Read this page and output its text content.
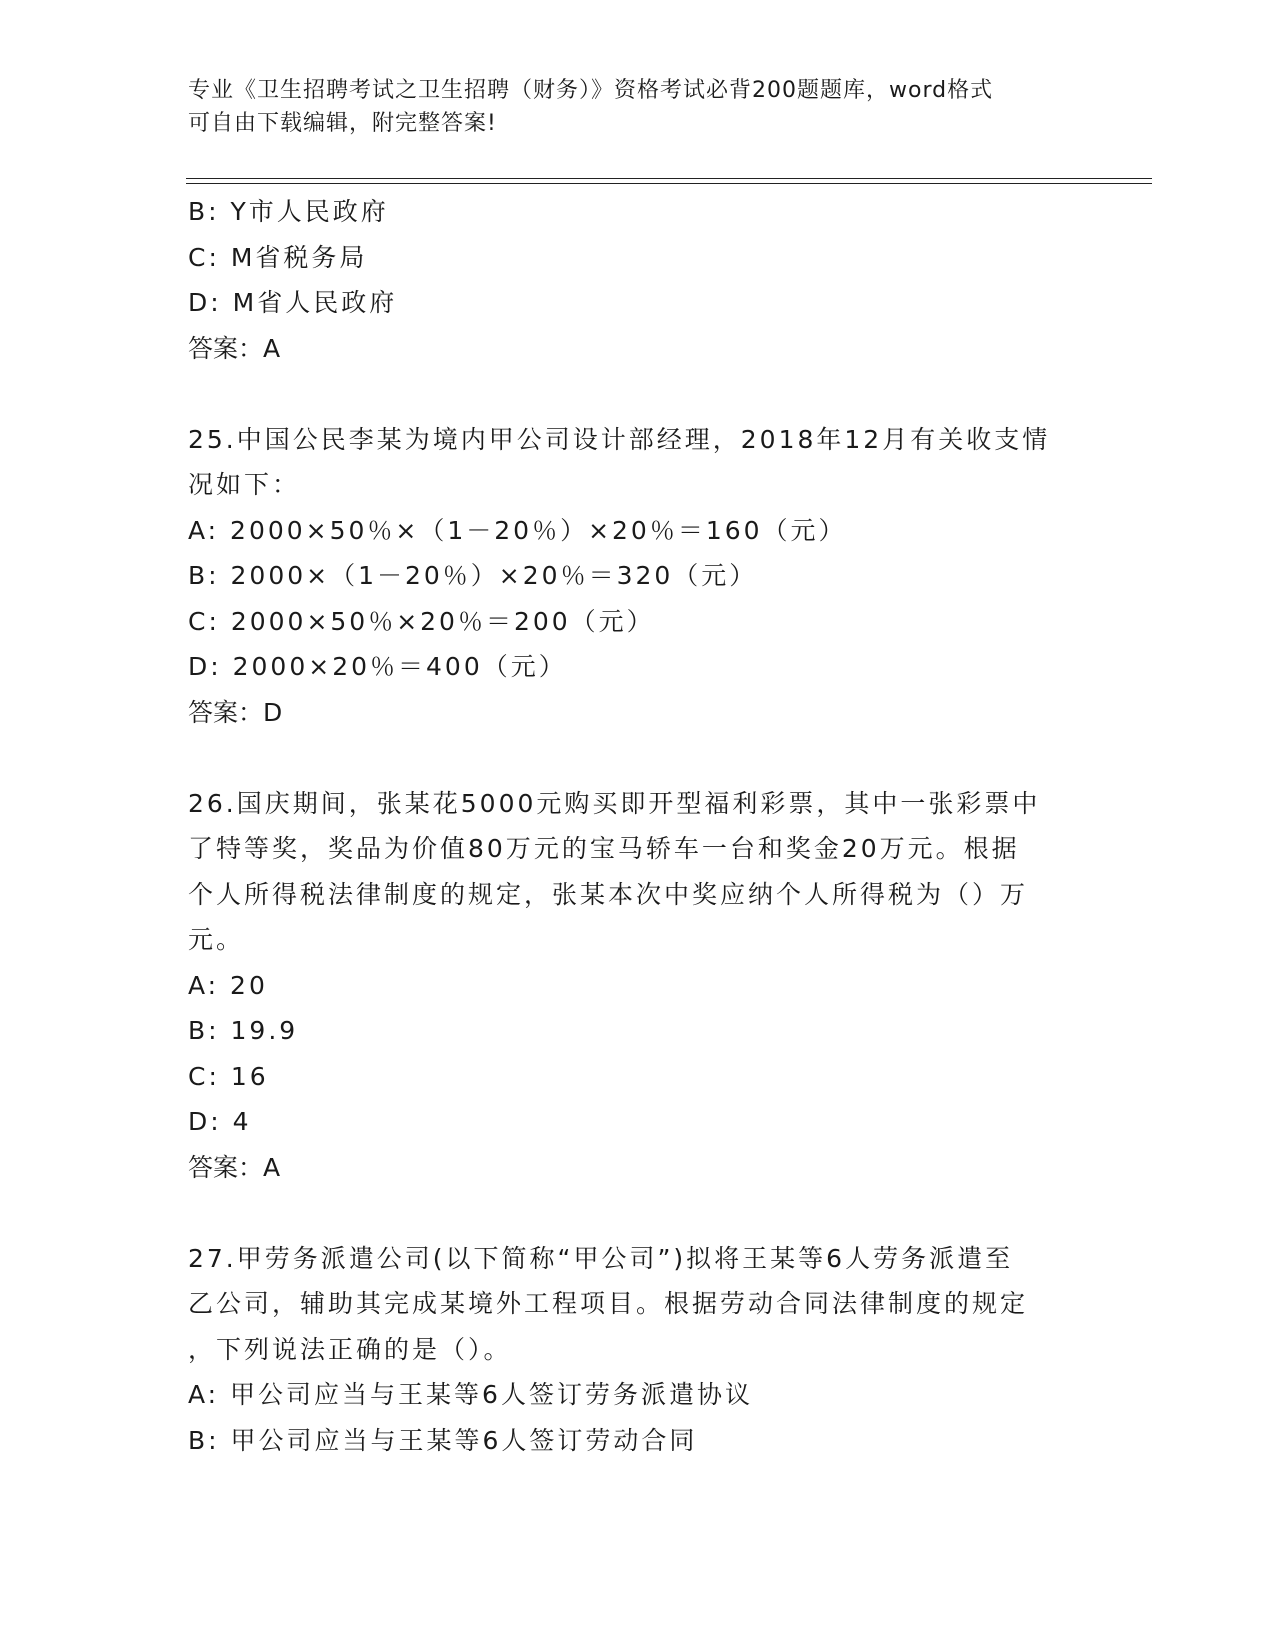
专业《卫生招聘考试之卫生招聘（财务）》资格考试必背200题题库，word格式
可自由下载编辑，附完整答案!
B: Y市人民政府
C: M省税务局
D: M省人民政府
答案：A
25.中国公民李某为境内甲公司设计部经理，2018年12月有关收支情
况如下：
A: 2000×50％×（1－20％）×20％＝160（元）
B: 2000×（1－20％）×20％＝320（元）
C: 2000×50％×20％＝200（元）
D: 2000×20％＝400（元）
答案：D
26.国庆期间，张某花5000元购买即开型福利彩票，其中一张彩票中
了特等奖，奖品为价值80万元的宝马轿车一台和奖金20万元。根据
个人所得税法律制度的规定，张某本次中奖应纳个人所得税为（）万
元。
A: 20
B: 19.9
C: 16
D: 4
答案：A
27.甲劳务派遣公司(以下简称“甲公司”)拟将王某等6人劳务派遣至
乙公司，辅助其完成某境外工程项目。根据劳动合同法律制度的规定
，下列说法正确的是（）。
A: 甲公司应当与王某等6人签订劳务派遣协议
B: 甲公司应当与王某等6人签订劳动合同
